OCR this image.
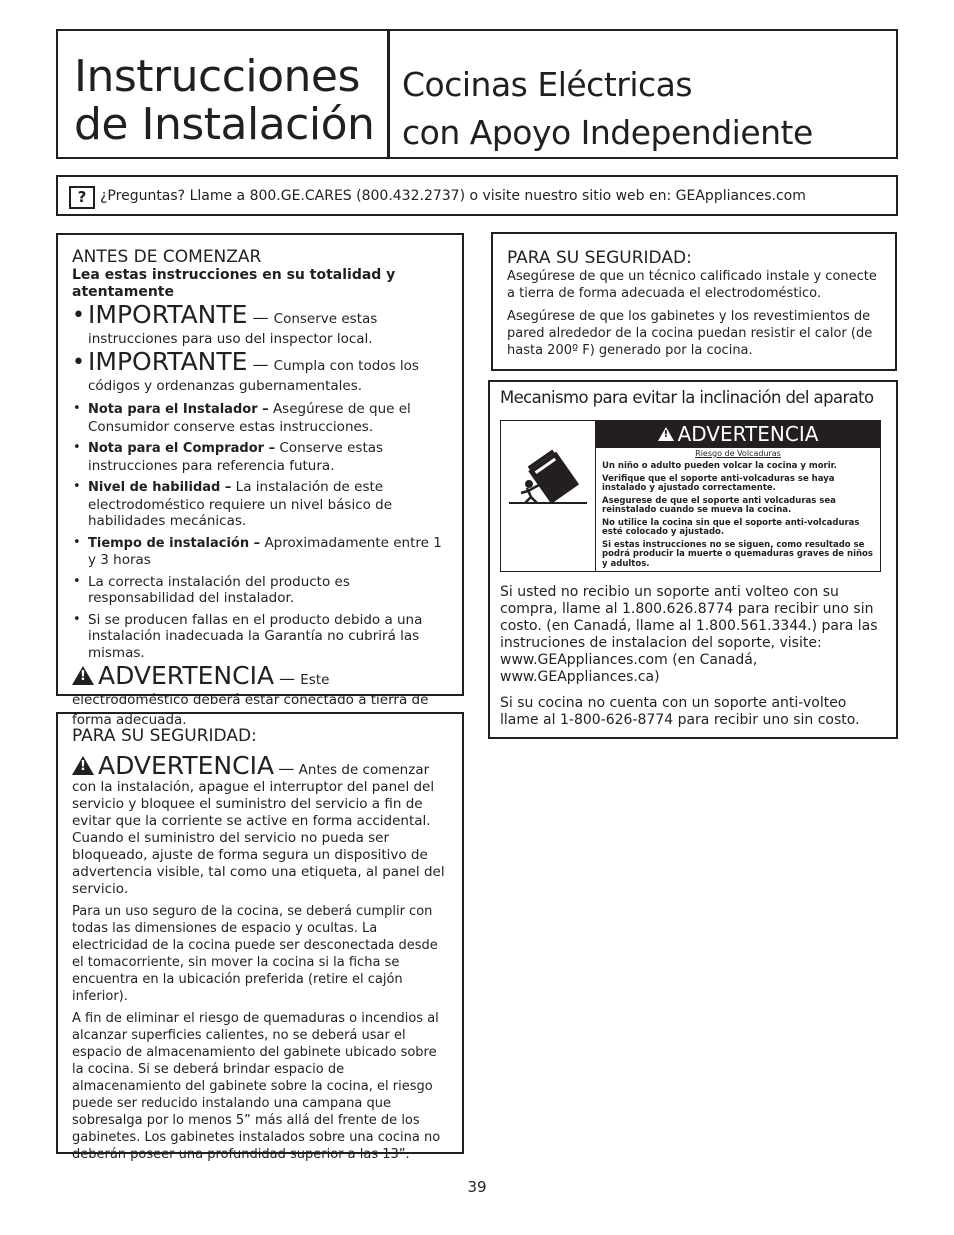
Instrucciones
de Instalación
Cocinas Eléctricas
con Apoyo Independiente
? ¿Preguntas? Llame a 800.GE.CARES (800.432.2737) o visite nuestro sitio web en: GEAppliances.com
ANTES DE COMENZAR
Lea estas instrucciones en su totalidad y atentamente
• IMPORTANTE — Conserve estas instrucciones para uso del inspector local.
• IMPORTANTE — Cumpla con todos los códigos y ordenanzas gubernamentales.
• Nota para el Instalador – Asegúrese de que el Consumidor conserve estas instrucciones.
• Nota para el Comprador – Conserve estas instrucciones para referencia futura.
• Nivel de habilidad – La instalación de este electrodoméstico requiere un nivel básico de habilidades mecánicas.
• Tiempo de instalación – Aproximadamente entre 1 y 3 horas
• La correcta instalación del producto es responsabilidad del instalador.
• Si se producen fallas en el producto debido a una instalación inadecuada la Garantía no cubrirá las mismas.
!ADVERTENCIA — Este electrodoméstico deberá estar conectado a tierra de forma adecuada.
PARA SU SEGURIDAD:
!ADVERTENCIA — Antes de comenzar con la instalación, apague el interruptor del panel del servicio y bloquee el suministro del servicio a fin de evitar que la corriente se active en forma accidental. Cuando el suministro del servicio no pueda ser bloqueado, ajuste de forma segura un dispositivo de advertencia visible, tal como una etiqueta, al panel del servicio.

Para un uso seguro de la cocina, se deberá cumplir con todas las dimensiones de espacio y ocultas. La electricidad de la cocina puede ser desconectada desde el tomacorriente, sin mover la cocina si la ficha se encuentra en la ubicación preferida (retire el cajón inferior).

A fin de eliminar el riesgo de quemaduras o incendios al alcanzar superficies calientes, no se deberá usar el espacio de almacenamiento del gabinete ubicado sobre la cocina. Si se deberá brindar espacio de almacenamiento del gabinete sobre la cocina, el riesgo puede ser reducido instalando una campana que sobresalga por lo menos 5” más allá del frente de los gabinetes. Los gabinetes instalados sobre una cocina no deberán poseer una profundidad superior a las 13”.

PARA SU SEGURIDAD:

Asegúrese de que un técnico calificado instale y conecte a tierra de forma adecuada el electrodoméstico.

Asegúrese de que los gabinetes y los revestimientos de pared alrededor de la cocina puedan resistir el calor (de hasta 200º F) generado por la cocina.

Mecanismo para evitar la inclinación del aparato
!ADVERTENCIA
Riesgo de Volcaduras
Un niño o adulto pueden volcar la cocina y morir.
Verifique que el soporte anti-volcaduras se haya instalado y ajustado correctamente.
Asegurese de que el soporte anti volcaduras sea reinstalado cuando se mueva la cocina.
No utilice la cocina sin que el soporte anti-volcaduras esté colocado y ajustado.
Si estas instrucciones no se siguen, como resultado se podrá producir la muerte o quemaduras graves de niños y adultos.

Si usted no recibio un soporte anti volteo con su compra, llame al 1.800.626.8774 para recibir uno sin costo. (en Canadá, llame al 1.800.561.3344.) para las instruciones de instalacion del soporte, visite: www.GEAppliances.com (en Canadá, www.GEAppliances.ca)

Si su cocina no cuenta con un soporte anti-volteo llame al 1-800-626-8774 para recibir uno sin costo.

39
